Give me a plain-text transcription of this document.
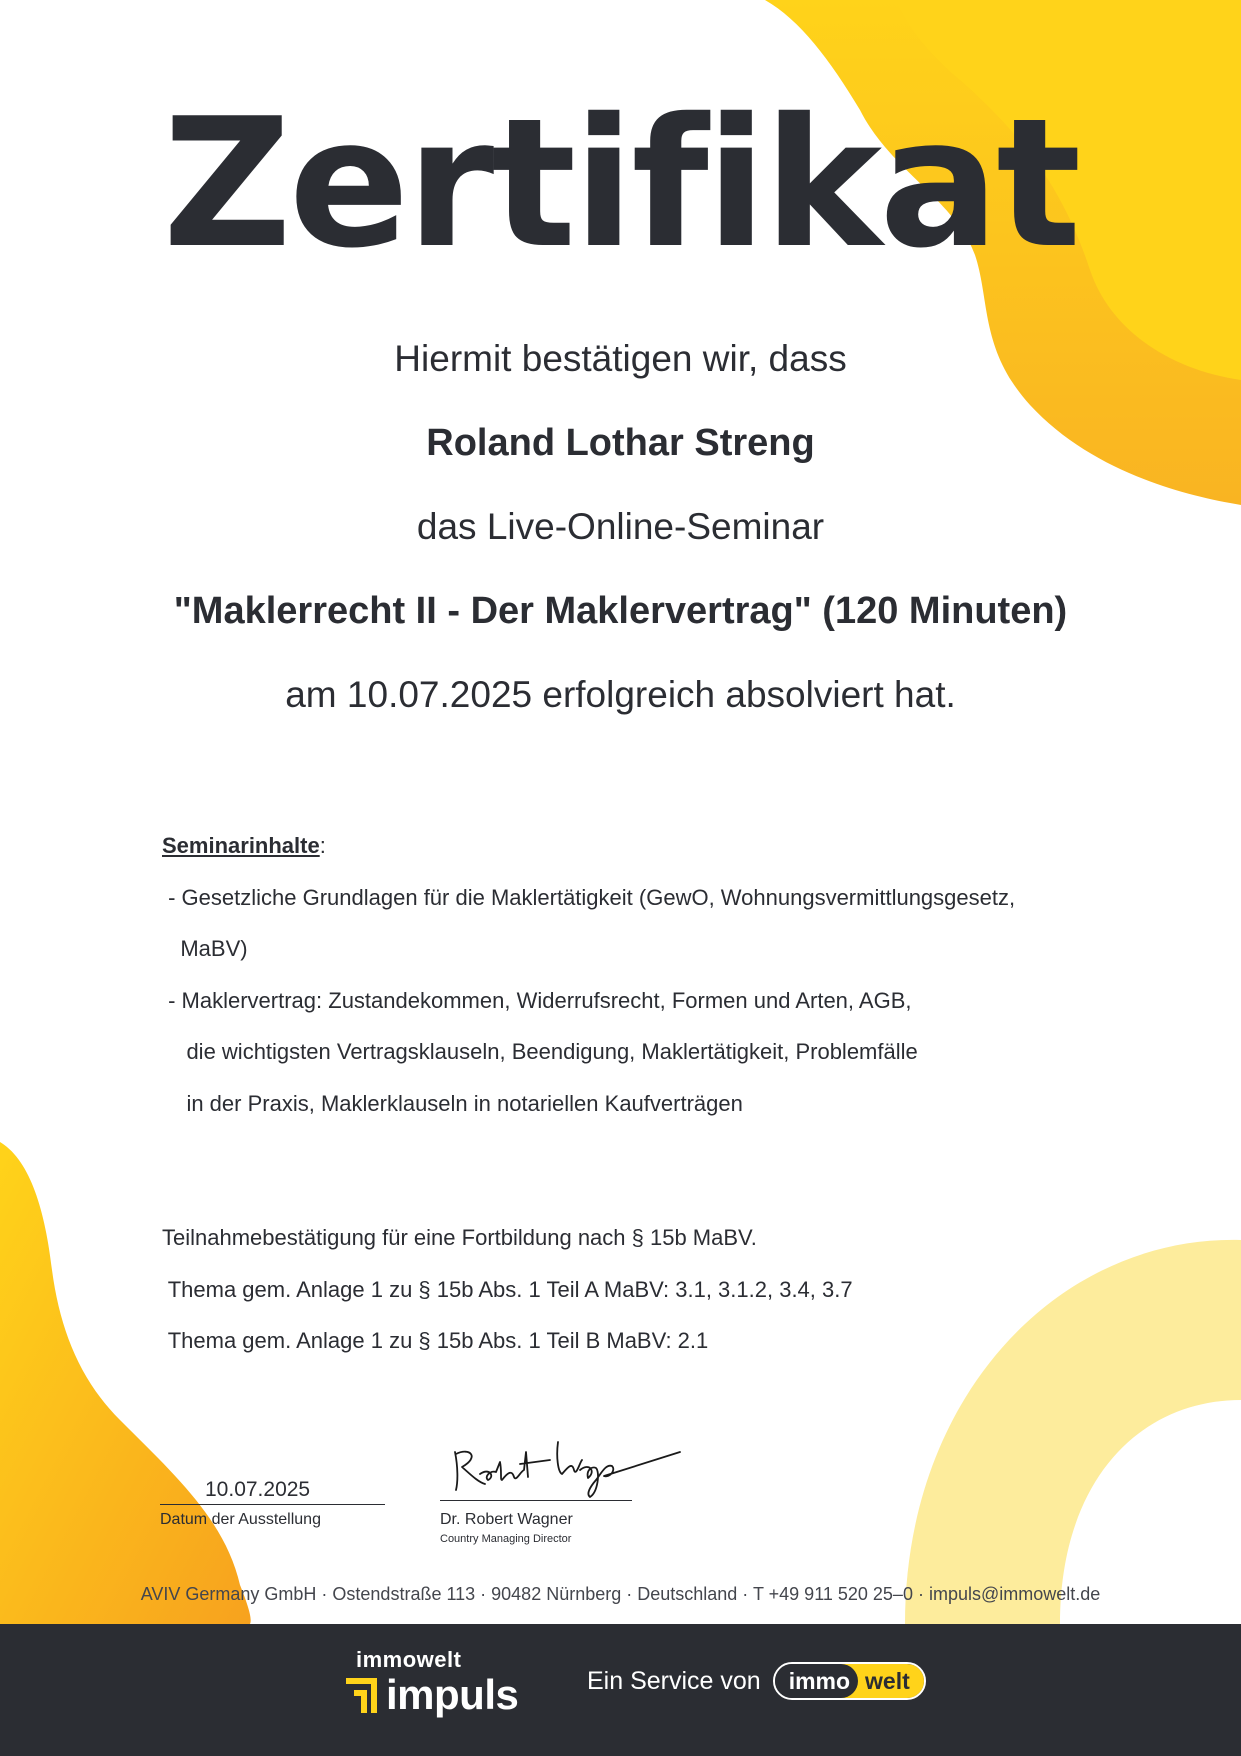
Zertifikat
Hiermit bestätigen wir, dass
Roland Lothar Streng
das Live-Online-Seminar
"Maklerrecht II - Der Maklervertrag" (120 Minuten)
am 10.07.2025 erfolgreich absolviert hat.
Seminarinhalte:
- Gesetzliche Grundlagen für die Maklertätigkeit (GewO, Wohnungsvermittlungsgesetz,
MaBV)
- Maklervertrag: Zustandekommen, Widerrufsrecht, Formen und Arten, AGB,
die wichtigsten Vertragsklauseln, Beendigung, Maklertätigkeit, Problemfälle
in der Praxis, Maklerklauseln in notariellen Kaufverträgen
Teilnahmebestätigung für eine Fortbildung nach § 15b MaBV.
Thema gem. Anlage 1 zu § 15b Abs. 1 Teil A MaBV: 3.1, 3.1.2, 3.4, 3.7
Thema gem. Anlage 1 zu § 15b Abs. 1 Teil B MaBV: 2.1
10.07.2025
Datum der Ausstellung	Dr. Robert Wagner
Country Managing Director
AVIV Germany GmbH · Ostendstraße 113 · 90482 Nürnberg · Deutschland · T +49 911 520 25–0 · impuls@immowelt.de
immowelt
impuls	Ein Service von	immo welt
